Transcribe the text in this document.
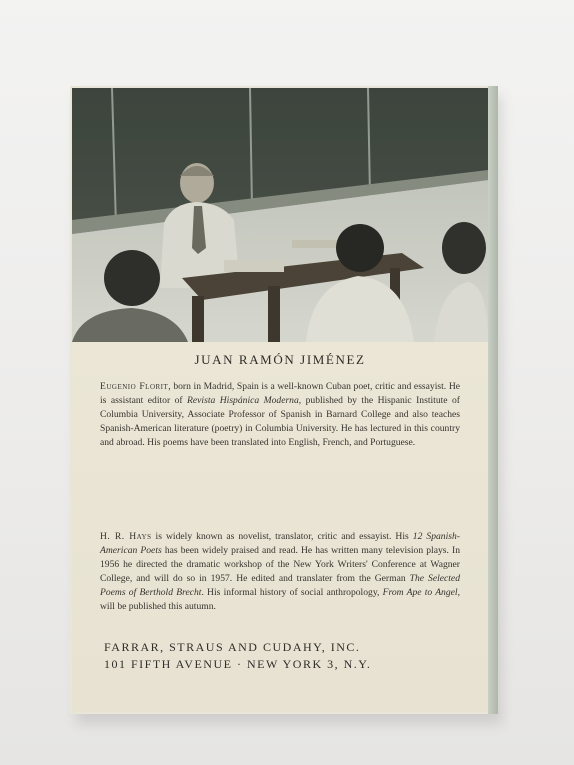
JUAN RAMÓN JIMÉNEZ

Eugenio Florit, born in Madrid, Spain is a well-known Cuban poet, critic and essayist. He is assistant editor of Revista Hispánica Moderna, published by the Hispanic Institute of Columbia University, Associate Professor of Spanish in Barnard College and also teaches Spanish-American literature (poetry) in Columbia University. He has lectured in this country and abroad. His poems have been translated into English, French, and Portuguese.

H. R. Hays is widely known as novelist, translator, critic and essayist. His 12 Spanish-American Poets has been widely praised and read. He has written many television plays. In 1956 he directed the dramatic workshop of the New York Writers' Conference at Wagner College, and will do so in 1957. He edited and translater from the German The Selected Poems of Berthold Brecht. His informal history of social anthropology, From Ape to Angel, will be published this autumn.

FARRAR, STRAUS AND CUDAHY, INC.

101 FIFTH AVENUE · NEW YORK 3, N.Y.
